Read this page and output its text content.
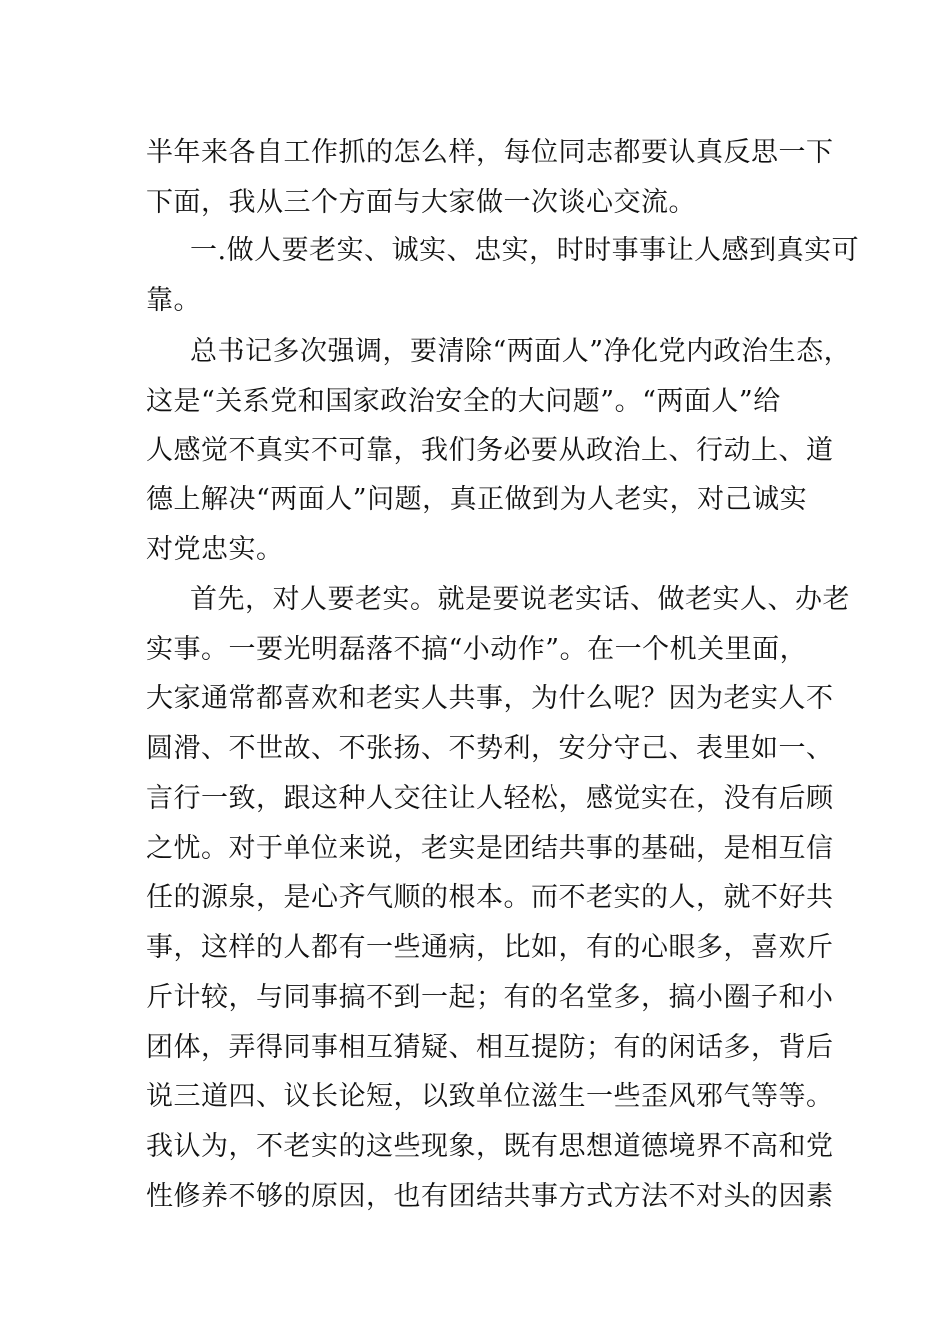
半年来各自工作抓的怎么样，每位同志都要认真反思一下
下面，我从三个方面与大家做一次谈心交流。
一.做人要老实、诚实、忠实，时时事事让人感到真实可
靠。
总书记多次强调，要清除“两面人”净化党内政治生态，
这是“关系党和国家政治安全的大问题”。“两面人”给
人感觉不真实不可靠，我们务必要从政治上、行动上、道
德上解决“两面人”问题，真正做到为人老实，对己诚实
对党忠实。
首先，对人要老实。就是要说老实话、做老实人、办老
实事。一要光明磊落不搞“小动作”。在一个机关里面，
大家通常都喜欢和老实人共事，为什么呢？因为老实人不
圆滑、不世故、不张扬、不势利，安分守己、表里如一、
言行一致，跟这种人交往让人轻松，感觉实在，没有后顾
之忧。对于单位来说，老实是团结共事的基础，是相互信
任的源泉，是心齐气顺的根本。而不老实的人，就不好共
事，这样的人都有一些通病，比如，有的心眼多，喜欢斤
斤计较，与同事搞不到一起；有的名堂多，搞小圈子和小
团体，弄得同事相互猜疑、相互提防；有的闲话多，背后
说三道四、议长论短，以致单位滋生一些歪风邪气等等。
我认为，不老实的这些现象，既有思想道德境界不高和党
性修养不够的原因，也有团结共事方式方法不对头的因素
